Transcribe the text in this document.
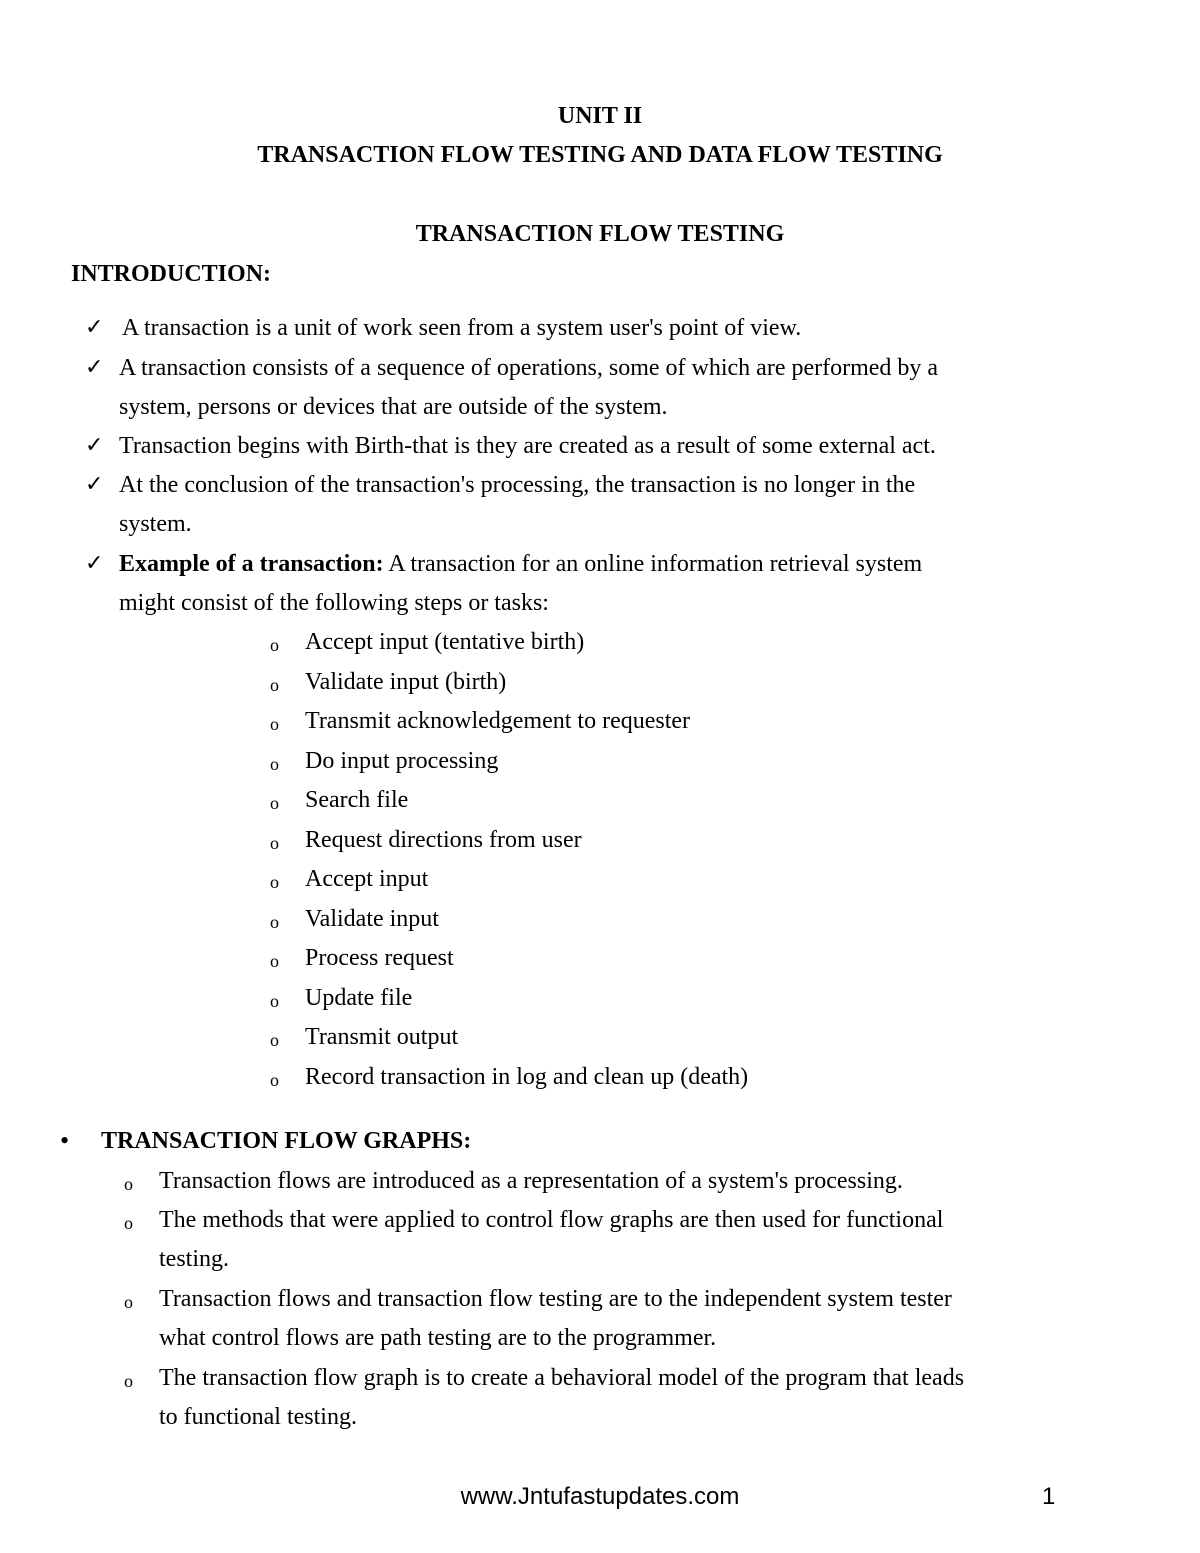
UNIT II
TRANSACTION FLOW TESTING AND DATA FLOW TESTING
TRANSACTION FLOW TESTING
INTRODUCTION:
✓ A transaction is a unit of work seen from a system user's point of view.
✓ A transaction consists of a sequence of operations, some of which are performed by a
system, persons or devices that are outside of the system.
✓ Transaction begins with Birth-that is they are created as a result of some external act.
✓ At the conclusion of the transaction's processing, the transaction is no longer in the
system.
✓ Example of a transaction: A transaction for an online information retrieval system
might consist of the following steps or tasks:
o Accept input (tentative birth)
o Validate input (birth)
o Transmit acknowledgement to requester
o Do input processing
o Search file
o Request directions from user
o Accept input
o Validate input
o Process request
o Update file
o Transmit output
o Record transaction in log and clean up (death)
• TRANSACTION FLOW GRAPHS:
o Transaction flows are introduced as a representation of a system's processing.
o The methods that were applied to control flow graphs are then used for functional
testing.
o Transaction flows and transaction flow testing are to the independent system tester
what control flows are path testing are to the programmer.
o The transaction flow graph is to create a behavioral model of the program that leads
to functional testing.
www.Jntufastupdates.com	1
